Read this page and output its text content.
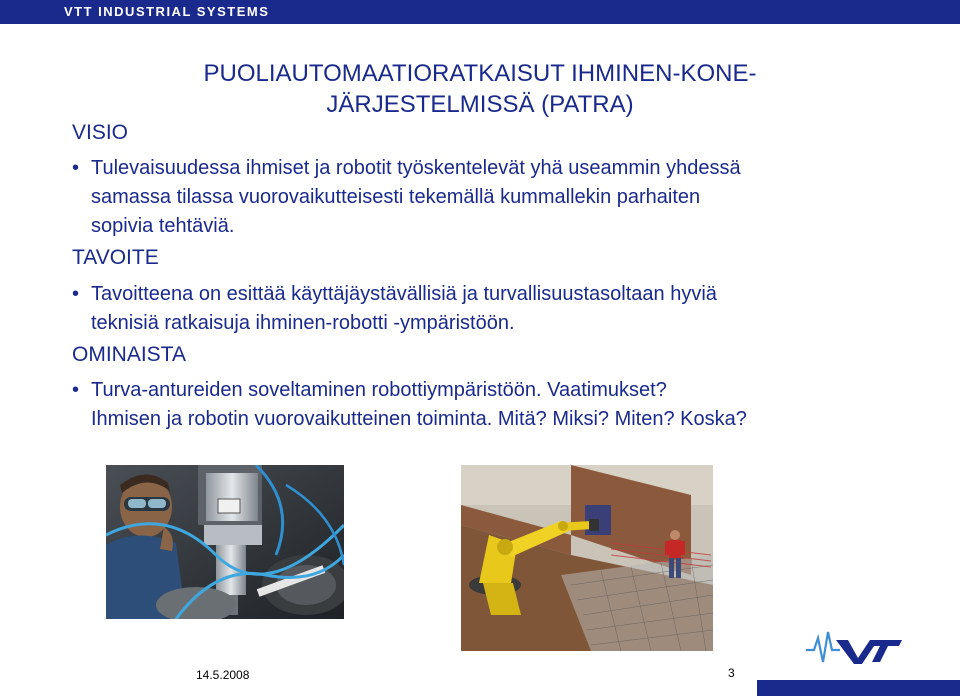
VTT INDUSTRIAL SYSTEMS
PUOLIAUTOMAATIORATKAISUT IHMINEN-KONE-
JÄRJESTELMISSÄ (PATRA)
VISIO
• Tulevaisuudessa ihmiset ja robotit työskentelevät yhä useammin yhdessä
samassa tilassa vuorovaikutteisesti tekemällä kummallekin parhaiten
sopivia tehtäviä.
TAVOITE
• Tavoitteena on esittää käyttäjäystävällisiä ja turvallisuustasoltaan hyviä
teknisiä ratkaisuja ihminen-robotti -ympäristöön.
OMINAISTA
• Turva-antureiden soveltaminen robottiympäristöön. Vaatimukset?
Ihmisen ja robotin vuorovaikutteinen toiminta. Mitä? Miksi? Miten? Koska?
14.5.2008	3
